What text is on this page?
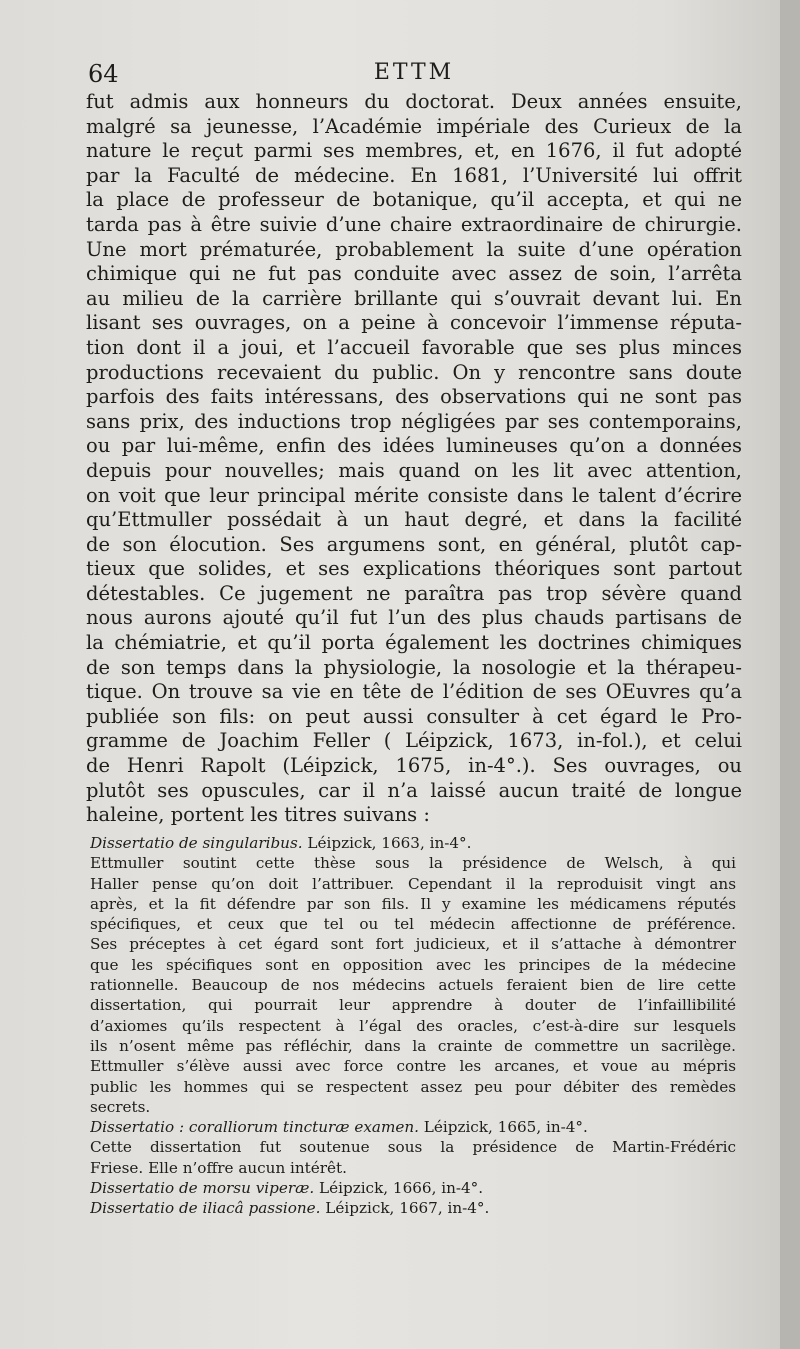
64	ETTM
fut admis aux honneurs du doctorat. Deux années ensuite,
malgré sa jeunesse, l’Académie impériale des Curieux de la
nature le reçut parmi ses membres, et, en 1676, il fut adopté
par la Faculté de médecine. En 1681, l’Université lui offrit
la place de professeur de botanique, qu’il accepta, et qui ne
tarda pas à être suivie d’une chaire extraordinaire de chirurgie.
Une mort prématurée, probablement la suite d’une opération
chimique qui ne fut pas conduite avec assez de soin, l’arrêta
au milieu de la carrière brillante qui s’ouvrait devant lui. En
lisant ses ouvrages, on a peine à concevoir l’immense réputa-
tion dont il a joui, et l’accueil favorable que ses plus minces
productions recevaient du public. On y rencontre sans doute
parfois des faits intéressans, des observations qui ne sont pas
sans prix, des inductions trop négligées par ses contemporains,
ou par lui-même, enfin des idées lumineuses qu’on a données
depuis pour nouvelles; mais quand on les lit avec attention,
on voit que leur principal mérite consiste dans le talent d’écrire
qu’Ettmuller possédait à un haut degré, et dans la facilité
de son élocution. Ses argumens sont, en général, plutôt cap-
tieux que solides, et ses explications théoriques sont partout
détestables. Ce jugement ne paraîtra pas trop sévère quand
nous aurons ajouté qu’il fut l’un des plus chauds partisans de
la chémiatrie, et qu’il porta également les doctrines chimiques
de son temps dans la physiologie, la nosologie et la thérapeu-
tique. On trouve sa vie en tête de l’édition de ses OEuvres qu’a
publiée son fils: on peut aussi consulter à cet égard le Pro-
gramme de Joachim Feller ( Léipzick, 1673, in-fol.), et celui
de Henri Rapolt (Léipzick, 1675, in-4°.). Ses ouvrages, ou
plutôt ses opuscules, car il n’a laissé aucun traité de longue
haleine, portent les titres suivans :
Dissertatio de singularibus. Léipzick, 1663, in-4°.
Ettmuller soutint cette thèse sous la présidence de Welsch, à qui
Haller pense qu’on doit l’attribuer. Cependant il la reproduisit vingt ans
après, et la fit défendre par son fils. Il y examine les médicamens réputés
spécifiques, et ceux que tel ou tel médecin affectionne de préférence.
Ses préceptes à cet égard sont fort judicieux, et il s’attache à démontrer
que les spécifiques sont en opposition avec les principes de la médecine
rationnelle. Beaucoup de nos médecins actuels feraient bien de lire cette
dissertation, qui pourrait leur apprendre à douter de l’infaillibilité
d’axiomes qu’ils respectent à l’égal des oracles, c’est-à-dire sur lesquels
ils n’osent même pas réfléchir, dans la crainte de commettre un sacrilège.
Ettmuller s’élève aussi avec force contre les arcanes, et voue au mépris
public les hommes qui se respectent assez peu pour débiter des remèdes
secrets.
Dissertatio : coralliorum tincturæ examen. Léipzick, 1665, in-4°.
Cette dissertation fut soutenue sous la présidence de Martin-Frédéric
Friese. Elle n’offre aucun intérêt.
Dissertatio de morsu viperæ. Léipzick, 1666, in-4°.
Dissertatio de iliacâ passione. Léipzick, 1667, in-4°.
